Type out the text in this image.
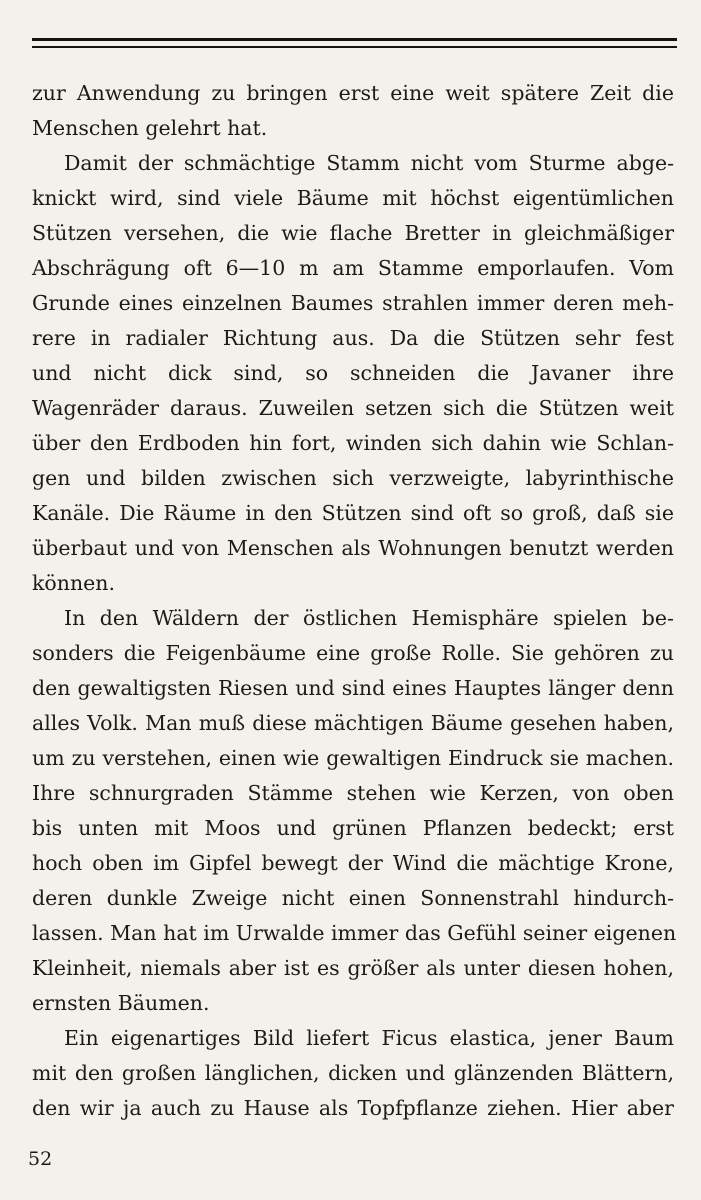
zur Anwendung zu bringen erst eine weit spätere Zeit die
Menschen gelehrt hat.
Damit der schmächtige Stamm nicht vom Sturme abge-
knickt wird, sind viele Bäume mit höchst eigentümlichen
Stützen versehen, die wie flache Bretter in gleichmäßiger
Abschrägung oft 6—10 m am Stamme emporlaufen. Vom
Grunde eines einzelnen Baumes strahlen immer deren meh-
rere in radialer Richtung aus. Da die Stützen sehr fest
und nicht dick sind, so schneiden die Javaner ihre
Wagenräder daraus. Zuweilen setzen sich die Stützen weit
über den Erdboden hin fort, winden sich dahin wie Schlan-
gen und bilden zwischen sich verzweigte, labyrinthische
Kanäle. Die Räume in den Stützen sind oft so groß, daß sie
überbaut und von Menschen als Wohnungen benutzt werden
können.
In den Wäldern der östlichen Hemisphäre spielen be-
sonders die Feigenbäume eine große Rolle. Sie gehören zu
den gewaltigsten Riesen und sind eines Hauptes länger denn
alles Volk. Man muß diese mächtigen Bäume gesehen haben,
um zu verstehen, einen wie gewaltigen Eindruck sie machen.
Ihre schnurgraden Stämme stehen wie Kerzen, von oben
bis unten mit Moos und grünen Pflanzen bedeckt; erst
hoch oben im Gipfel bewegt der Wind die mächtige Krone,
deren dunkle Zweige nicht einen Sonnenstrahl hindurch-
lassen. Man hat im Urwalde immer das Gefühl seiner eigenen
Kleinheit, niemals aber ist es größer als unter diesen hohen,
ernsten Bäumen.
Ein eigenartiges Bild liefert Ficus elastica, jener Baum
mit den großen länglichen, dicken und glänzenden Blättern,
den wir ja auch zu Hause als Topfpflanze ziehen. Hier aber
52
